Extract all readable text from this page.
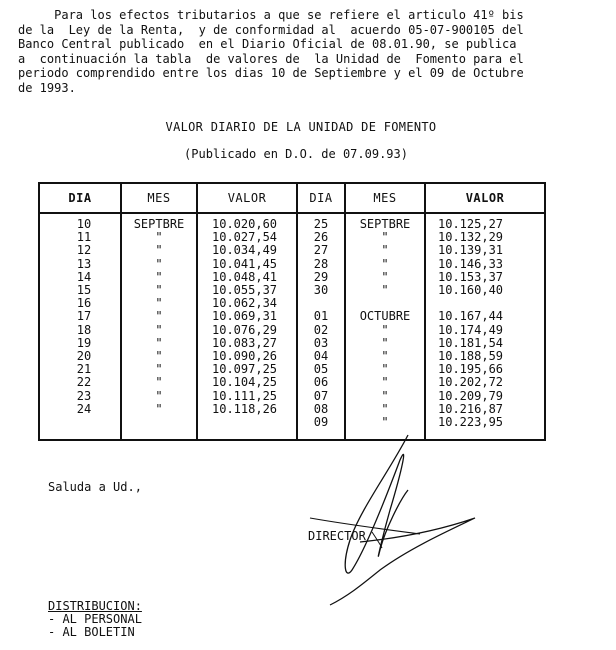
Para los efectos tributarios a que se refiere el articulo 41º bis
de la  Ley de la Renta,  y de conformidad al  acuerdo 05-07-900105 del
Banco Central publicado  en el Diario Oficial de 08.01.90, se publica
a  continuación la tabla  de valores de  la Unidad de  Fomento para el
periodo comprendido entre los dias 10 de Septiembre y el 09 de Octubre
de 1993.
VALOR DIARIO DE LA UNIDAD DE FOMENTO
(Publicado en D.O. de 07.09.93)
DIA	MES	VALOR	DIA	MES	VALOR
10	SEPTBRE	10.020,60	25	SEPTBRE	10.125,27
11	"	10.027,54	26	"	10.132,29
12	"	10.034,49	27	"	10.139,31
13	"	10.041,45	28	"	10.146,33
14	"	10.048,41	29	"	10.153,37
15	"	10.055,37	30	"	10.160,40
16	"	10.062,34			
17	"	10.069,31	01	OCTUBRE	10.167,44
18	"	10.076,29	02	"	10.174,49
19	"	10.083,27	03	"	10.181,54
20	"	10.090,26	04	"	10.188,59
21	"	10.097,25	05	"	10.195,66
22	"	10.104,25	06	"	10.202,72
23	"	10.111,25	07	"	10.209,79
24	"	10.118,26	08	"	10.216,87
			09	"	10.223,95
Saluda a Ud.,
DIRECTOR
DISTRIBUCION:
- AL PERSONAL
- AL BOLETIN
